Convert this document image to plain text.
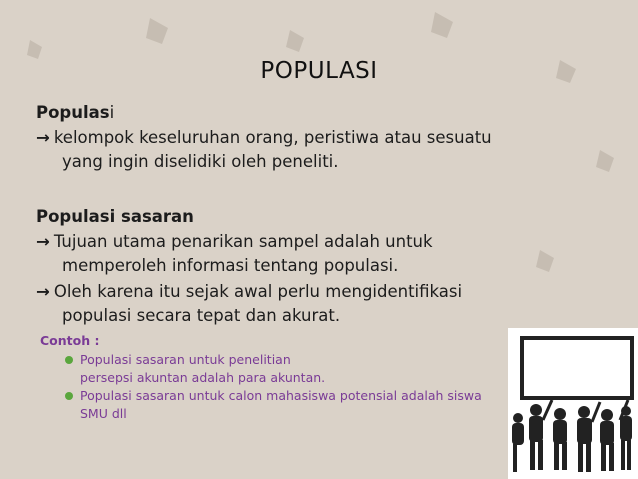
POPULASI
Populasi
→ kelompok keseluruhan orang, peristiwa atau sesuatu
yang ingin diselidiki oleh peneliti.
Populasi sasaran
→ Tujuan utama penarikan sampel adalah untuk
memperoleh informasi tentang populasi.
→ Oleh karena itu sejak awal perlu mengidentifikasi
populasi secara tepat dan akurat.
Contoh :
Populasi sasaran untuk penelitian
persepsi akuntan adalah para akuntan.
Populasi sasaran untuk calon mahasiswa potensial adalah siswa
SMU dll
